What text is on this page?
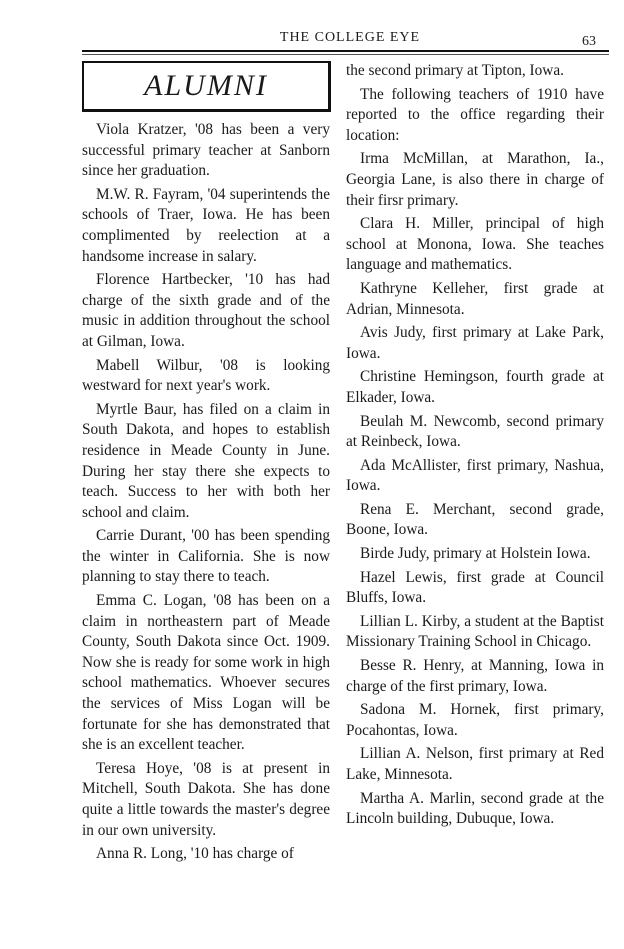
THE COLLEGE EYE	63
ALUMNI

Viola Kratzer, '08 has been a very successful primary teacher at Sanborn since her graduation.

M.W. R. Fayram, '04 superintends the schools of Traer, Iowa. He has been complimented by reelection at a handsome increase in salary.

Florence Hartbecker, '10 has had charge of the sixth grade and of the music in addition throughout the school at Gilman, Iowa.

Mabell Wilbur, '08 is looking westward for next year's work.

Myrtle Baur, has filed on a claim in South Dakota, and hopes to establish residence in Meade County in June. During her stay there she expects to teach. Success to her with both her school and claim.

Carrie Durant, '00 has been spending the winter in California. She is now planning to stay there to teach.

Emma C. Logan, '08 has been on a claim in northeastern part of Meade County, South Dakota since Oct. 1909. Now she is ready for some work in high school mathematics. Whoever secures the services of Miss Logan will be fortunate for she has demonstrated that she is an excellent teacher.

Teresa Hoye, '08 is at present in Mitchell, South Dakota. She has done quite a little towards the master's degree in our own university.

Anna R. Long, '10 has charge of

the second primary at Tipton, Iowa.

The following teachers of 1910 have reported to the office regarding their location:

Irma McMillan, at Marathon, Ia., Georgia Lane, is also there in charge of their firsr primary.

Clara H. Miller, principal of high school at Monona, Iowa. She teaches language and mathematics.

Kathryne Kelleher, first grade at Adrian, Minnesota.

Avis Judy, first primary at Lake Park, Iowa.

Christine Hemingson, fourth grade at Elkader, Iowa.

Beulah M. Newcomb, second primary at Reinbeck, Iowa.

Ada McAllister, first primary, Nashua, Iowa.

Rena E. Merchant, second grade, Boone, Iowa.

Birde Judy, primary at Holstein Iowa.

Hazel Lewis, first grade at Council Bluffs, Iowa.

Lillian L. Kirby, a student at the Baptist Missionary Training School in Chicago.

Besse R. Henry, at Manning, Iowa in charge of the first primary, Iowa.

Sadona M. Hornek, first primary, Pocahontas, Iowa.

Lillian A. Nelson, first primary at Red Lake, Minnesota.

Martha A. Marlin, second grade at the Lincoln building, Dubuque, Iowa.
